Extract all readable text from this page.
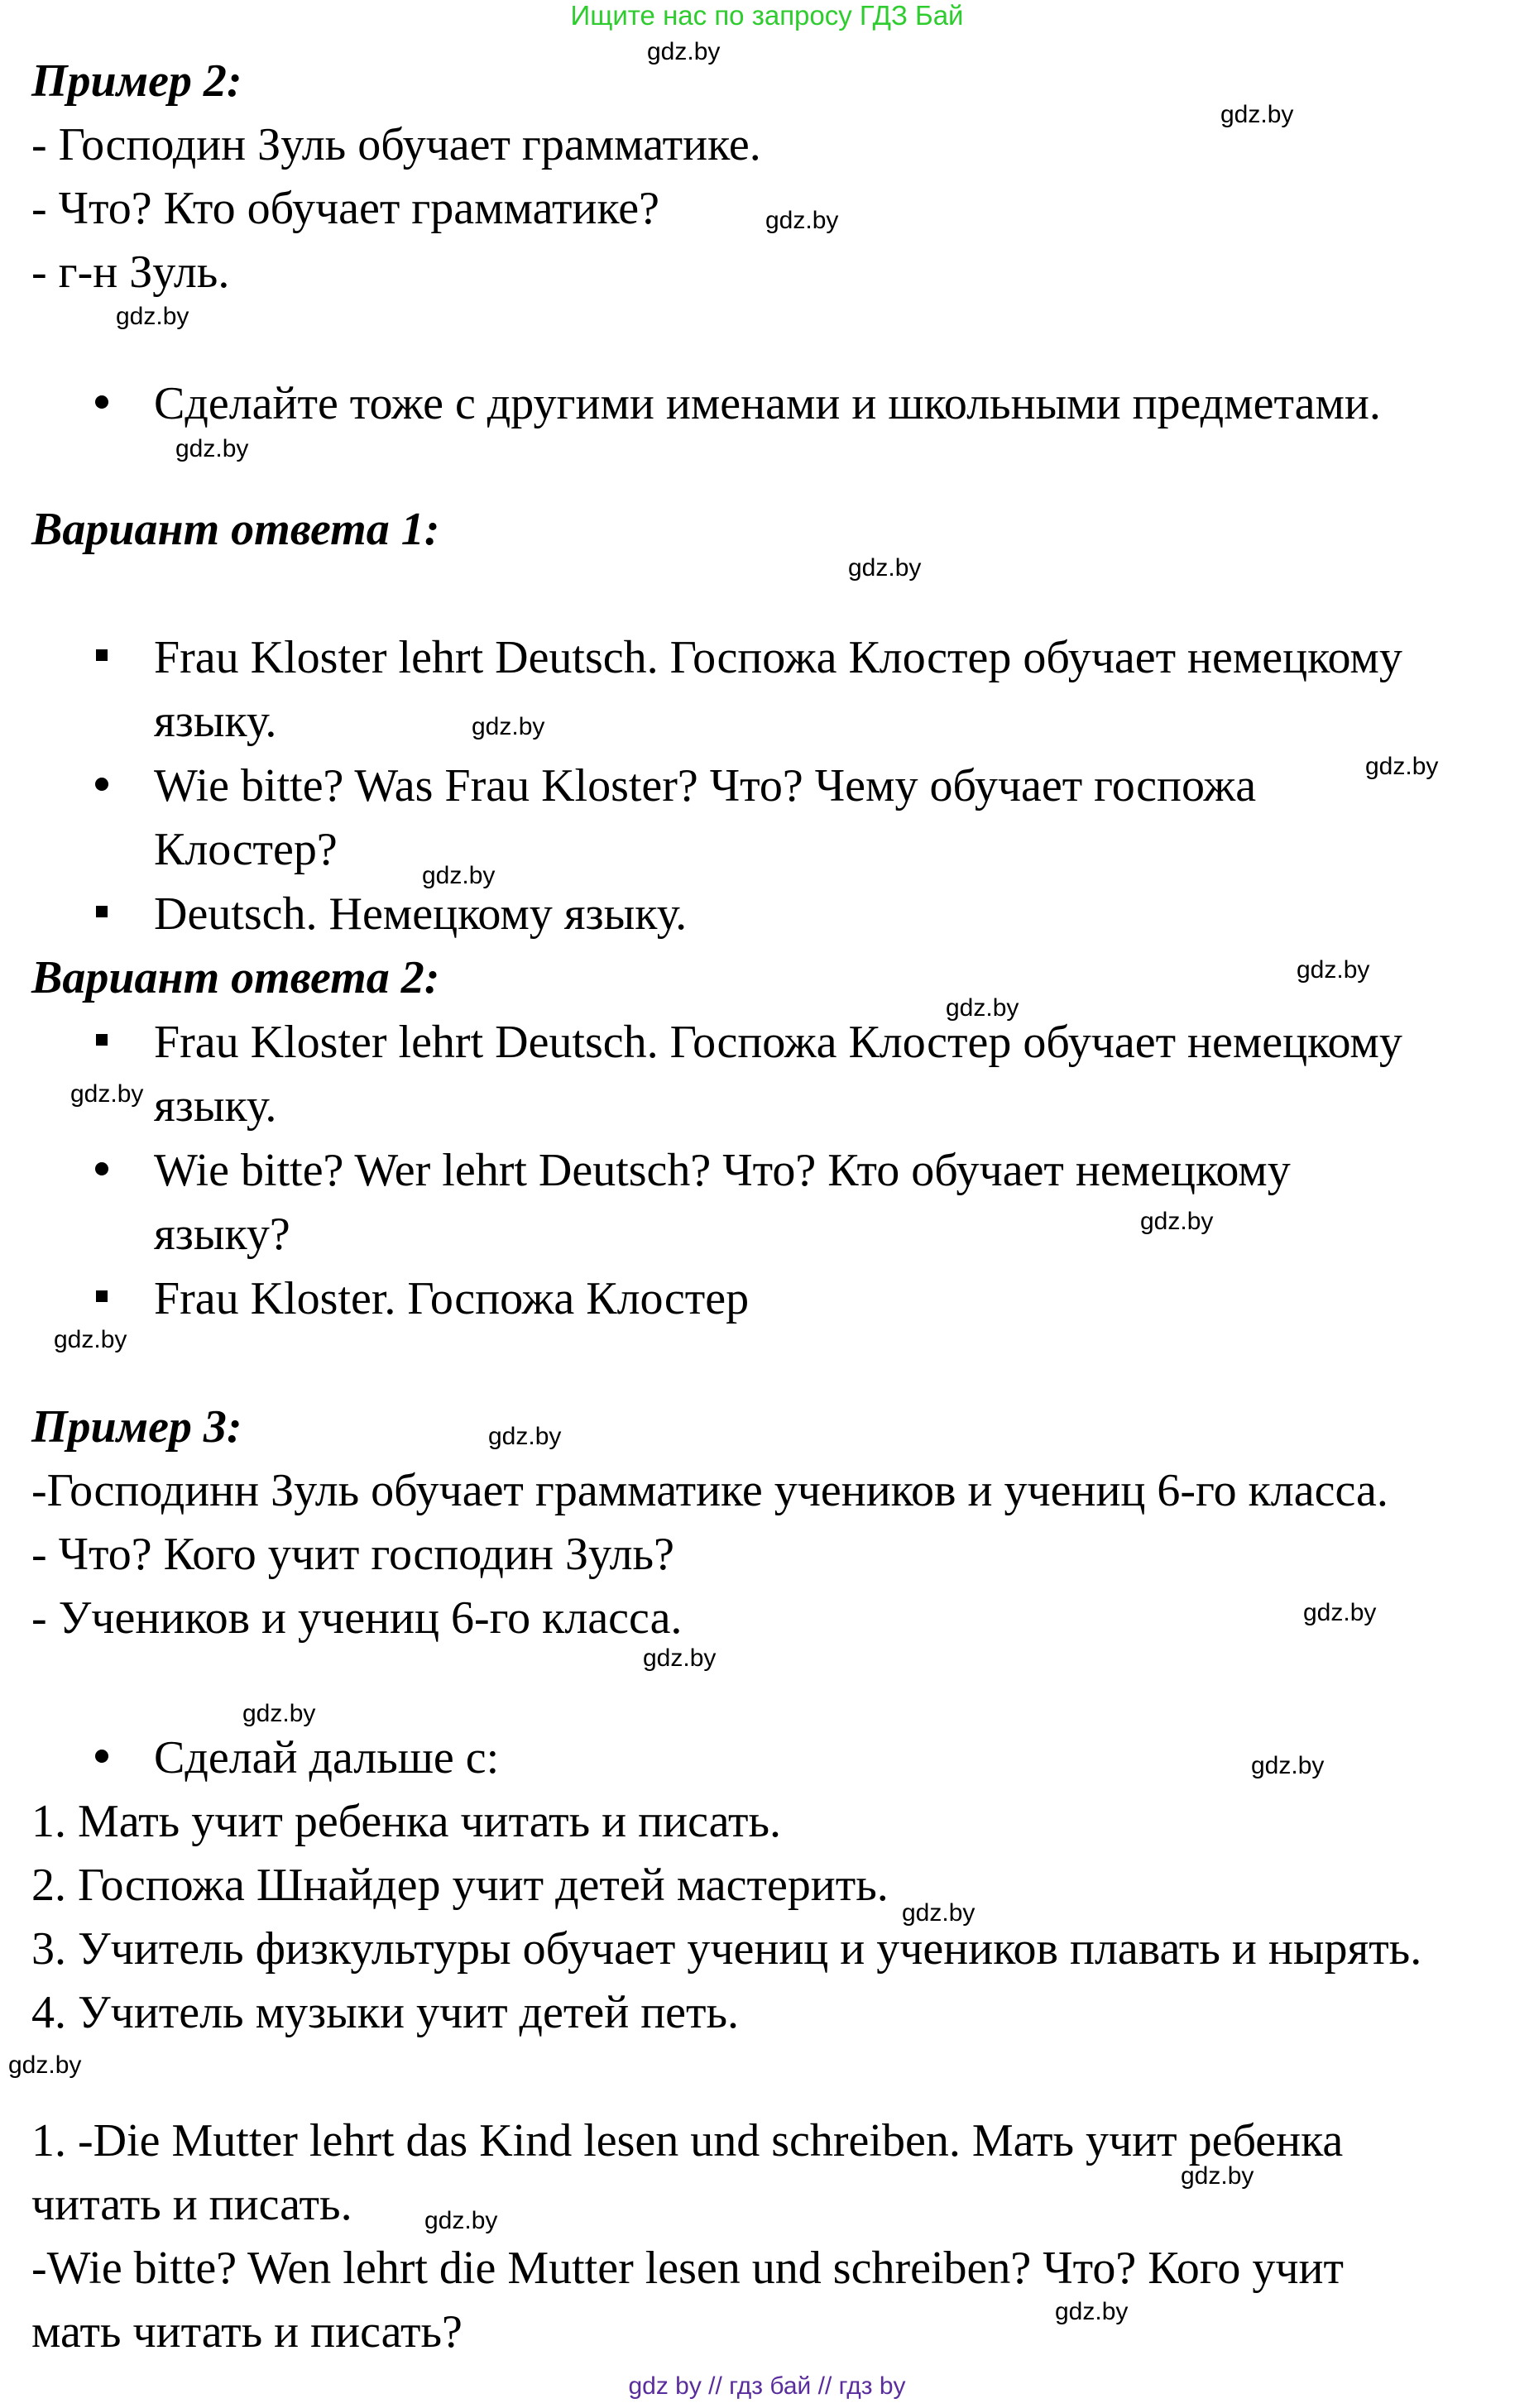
Ищите нас по запросу ГДЗ Бай
Пример 2:
- Господин Зуль обучает грамматике.
- Что? Кто обучает грамматике?
- г-н Зуль.
Сделайте тоже с другими именами и школьными предметами.
Вариант ответа 1:
Frau Kloster lehrt Deutsch. Госпожа Клостер обучает немецкому
языку.
Wie bitte? Was Frau Kloster? Что? Чему обучает госпожа
Клостер?
Deutsch. Немецкому языку.
Вариант ответа 2:
Frau Kloster lehrt Deutsch. Госпожа Клостер обучает немецкому
языку.
Wie bitte? Wer lehrt Deutsch? Что? Кто обучает немецкому
языку?
Frau Kloster. Госпожа Клостер
Пример 3:
-Господинн Зуль обучает грамматике учеников и учениц 6-го класса.
- Что? Кого учит господин Зуль?
- Учеников и учениц 6-го класса.
Сделай дальше с:
1. Мать учит ребенка читать и писать.
2. Госпожа Шнайдер учит детей мастерить.
3. Учитель физкультуры обучает учениц и учеников плавать и нырять.
4. Учитель музыки учит детей петь.
1. -Die Mutter lehrt das Kind lesen und schreiben. Мать учит ребенка
читать и писать.
-Wie bitte? Wen lehrt die Mutter lesen und schreiben? Что? Кого учит
мать читать и писать?
gdz.by
gdz.by
gdz.by
gdz.by
gdz.by
gdz.by
gdz.by
gdz.by
gdz.by
gdz.by
gdz.by
gdz.by
gdz.by
gdz.by
gdz.by
gdz.by
gdz.by
gdz.by
gdz.by
gdz.by
gdz.by
gdz.by
gdz.by
gdz.by
gdz by // гдз бай // гдз by
